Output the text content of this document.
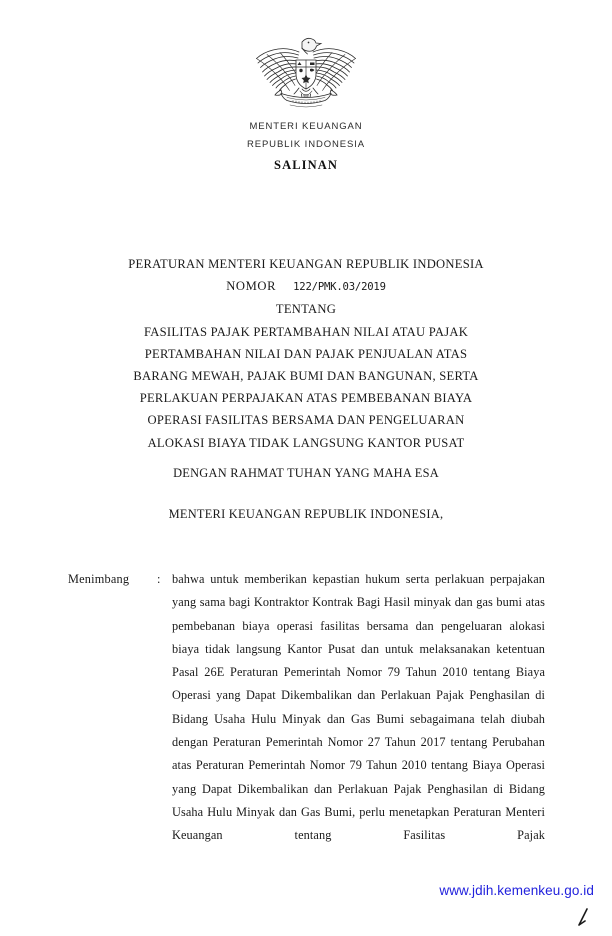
MENTERI KEUANGAN
REPUBLIK INDONESIA
SALINAN
PERATURAN MENTERI KEUANGAN REPUBLIK INDONESIA
NOMOR 122/PMK.03/2019
TENTANG
FASILITAS PAJAK PERTAMBAHAN NILAI ATAU PAJAK
PERTAMBAHAN NILAI DAN PAJAK PENJUALAN ATAS
BARANG MEWAH, PAJAK BUMI DAN BANGUNAN, SERTA
PERLAKUAN PERPAJAKAN ATAS PEMBEBANAN BIAYA
OPERASI FASILITAS BERSAMA DAN PENGELUARAN
ALOKASI BIAYA TIDAK LANGSUNG KANTOR PUSAT
DENGAN RAHMAT TUHAN YANG MAHA ESA
MENTERI KEUANGAN REPUBLIK INDONESIA,
Menimbang : bahwa untuk memberikan kepastian hukum serta perlakuan perpajakan yang sama bagi Kontraktor Kontrak Bagi Hasil minyak dan gas bumi atas pembebanan biaya operasi fasilitas bersama dan pengeluaran alokasi biaya tidak langsung Kantor Pusat dan untuk melaksanakan ketentuan Pasal 26E Peraturan Pemerintah Nomor 79 Tahun 2010 tentang Biaya Operasi yang Dapat Dikembalikan dan Perlakuan Pajak Penghasilan di Bidang Usaha Hulu Minyak dan Gas Bumi sebagaimana telah diubah dengan Peraturan Pemerintah Nomor 27 Tahun 2017 tentang Perubahan atas Peraturan Pemerintah Nomor 79 Tahun 2010 tentang Biaya Operasi yang Dapat Dikembalikan dan Perlakuan Pajak Penghasilan di Bidang Usaha Hulu Minyak dan Gas Bumi, perlu menetapkan Peraturan Menteri Keuangan tentang Fasilitas Pajak
www.jdih.kemenkeu.go.id
